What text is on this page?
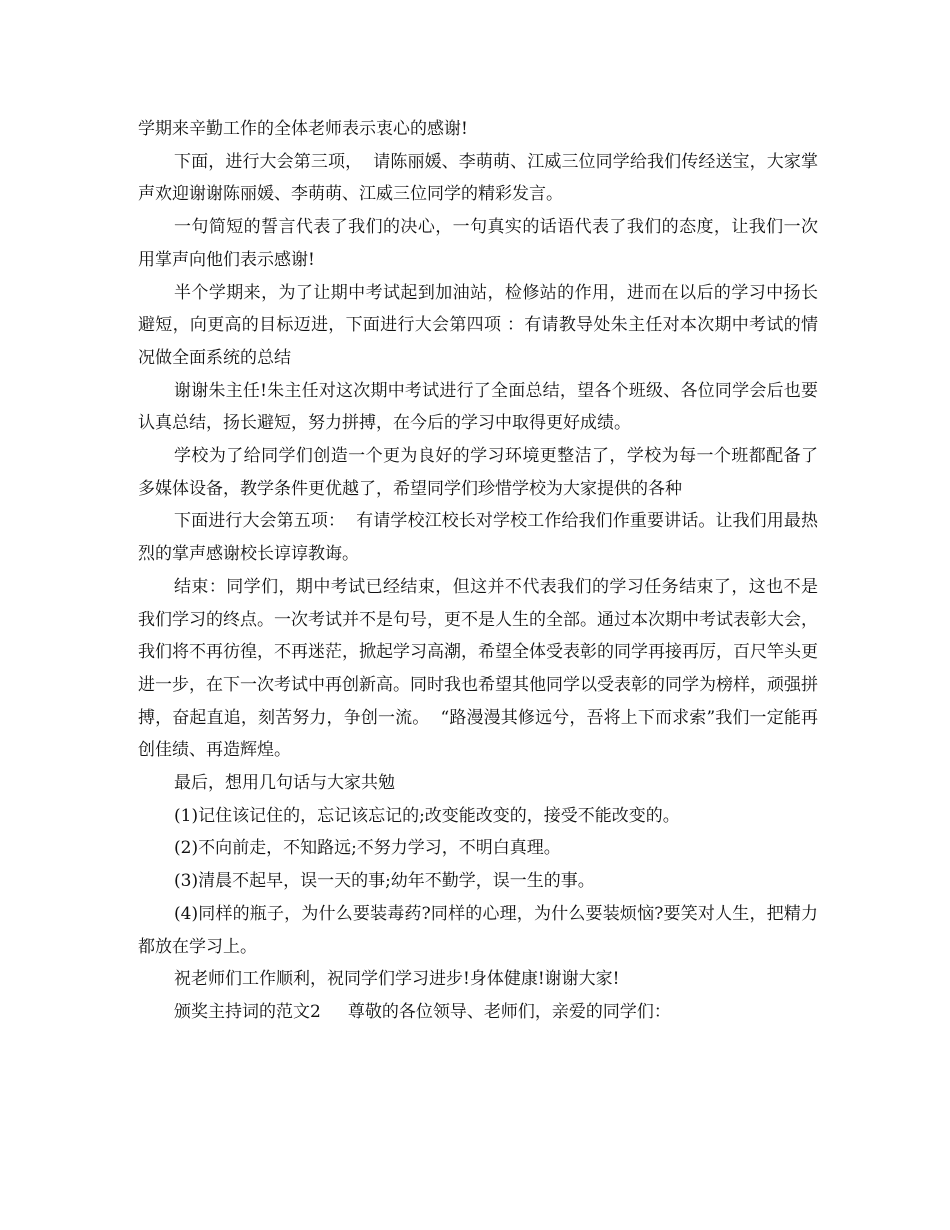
学期来辛勤工作的全体老师表示衷心的感谢!

下面，进行大会第三项，  请陈丽媛、李萌萌、江威三位同学给我们传经送宝，大家掌声欢迎谢谢陈丽媛、李萌萌、江威三位同学的精彩发言。

一句简短的誓言代表了我们的决心，一句真实的话语代表了我们的态度，让我们一次用掌声向他们表示感谢!

半个学期来，为了让期中考试起到加油站，检修站的作用，进而在以后的学习中扬长避短，向更高的目标迈进，下面进行大会第四项 ：有请教导处朱主任对本次期中考试的情况做全面系统的总结

谢谢朱主任!朱主任对这次期中考试进行了全面总结，望各个班级、各位同学会后也要认真总结，扬长避短，努力拼搏，在今后的学习中取得更好成绩。

学校为了给同学们创造一个更为良好的学习环境更整洁了，学校为每一个班都配备了多媒体设备，教学条件更优越了，希望同学们珍惜学校为大家提供的各种

下面进行大会第五项：  有请学校江校长对学校工作给我们作重要讲话。让我们用最热烈的掌声感谢校长谆谆教诲。

结束：同学们，期中考试已经结束，但这并不代表我们的学习任务结束了，这也不是我们学习的终点。一次考试并不是句号，更不是人生的全部。通过本次期中考试表彰大会，我们将不再彷徨，不再迷茫，掀起学习高潮，希望全体受表彰的同学再接再厉，百尺竿头更进一步，在下一次考试中再创新高。同时我也希望其他同学以受表彰的同学为榜样，顽强拼搏，奋起直追，刻苦努力，争创一流。  “路漫漫其修远兮，吾将上下而求索”我们一定能再创佳绩、再造辉煌。

最后，想用几句话与大家共勉

(1)记住该记住的，忘记该忘记的;改变能改变的，接受不能改变的。

(2)不向前走，不知路远;不努力学习，不明白真理。

(3)清晨不起早，误一天的事;幼年不勤学，误一生的事。

(4)同样的瓶子，为什么要装毒药?同样的心理，为什么要装烦恼?要笑对人生，把精力都放在学习上。

祝老师们工作顺利，祝同学们学习进步!身体健康!谢谢大家!

颁奖主持词的范文2     尊敬的各位领导、老师们，亲爱的同学们：
